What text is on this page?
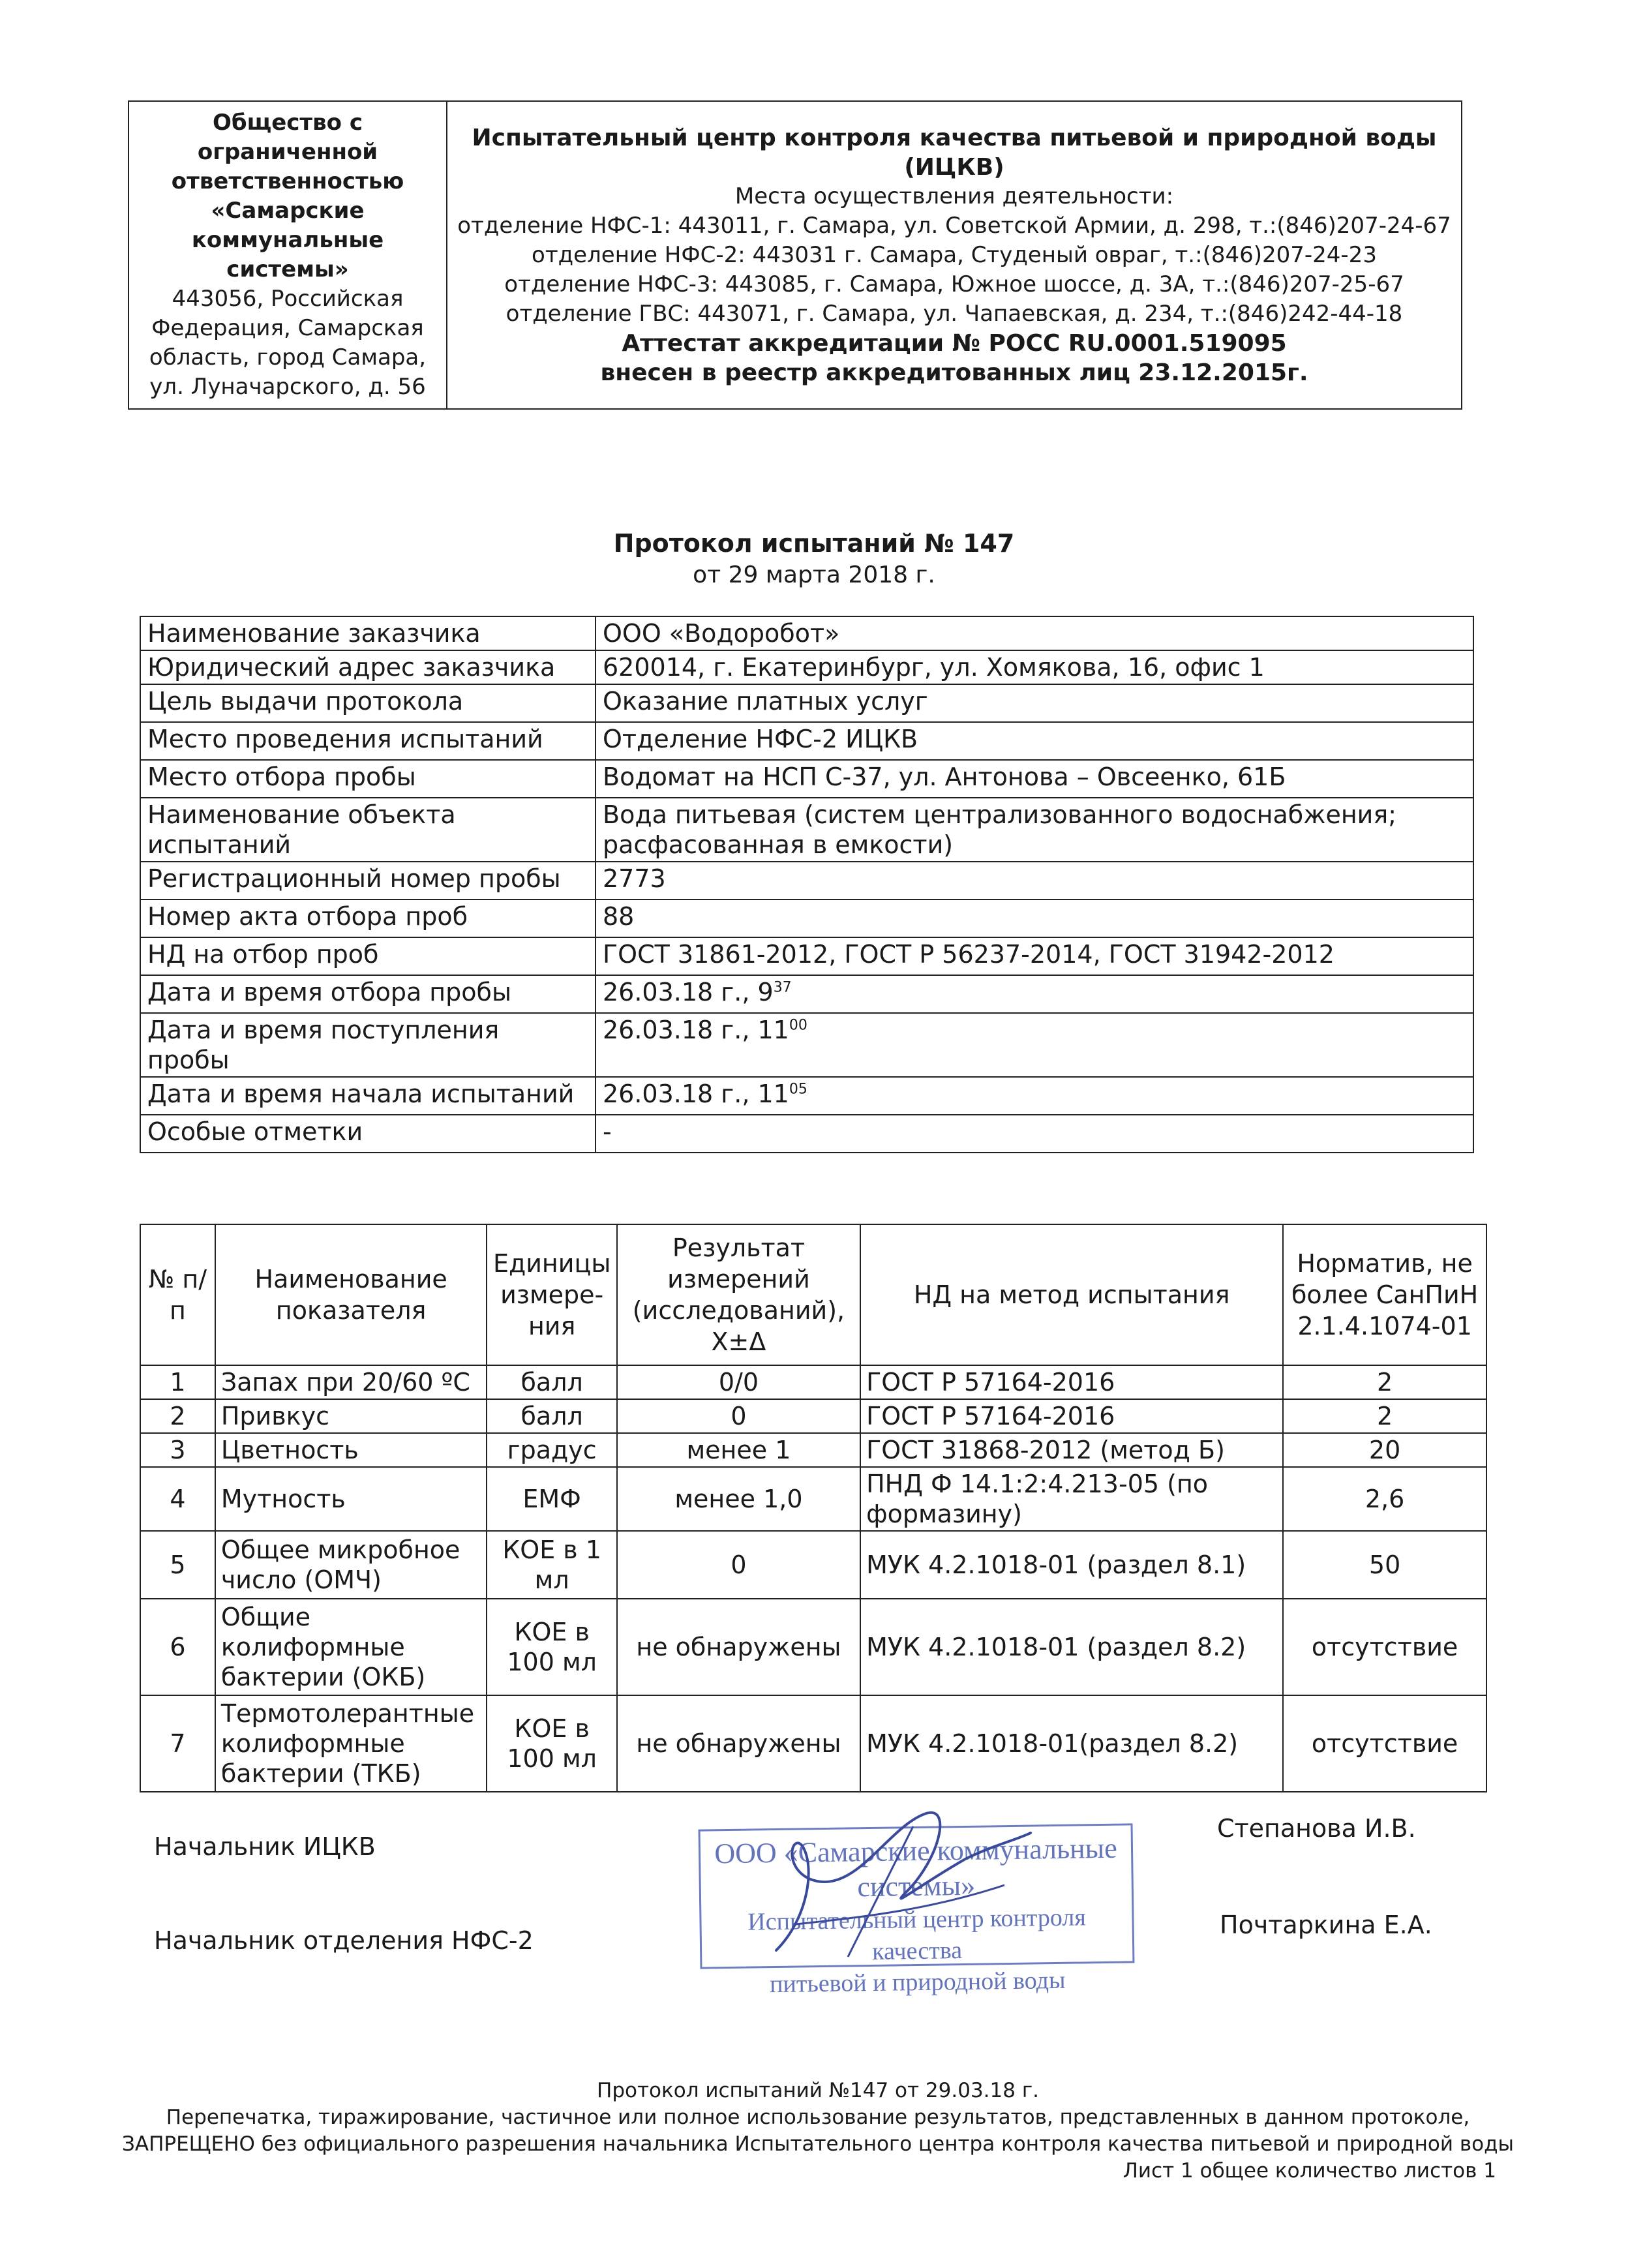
Общество с
ограниченной
ответственностью
«Самарские
коммунальные
системы»
443056, Российская
Федерация, Самарская
область, город Самара,
ул. Луначарского, д. 56

Испытательный центр контроля качества питьевой и природной воды
(ИЦКВ)
Места осуществления деятельности:
отделение НФС-1: 443011, г. Самара, ул. Советской Армии, д. 298, т.:(846)207-24-67
отделение НФС-2: 443031 г. Самара, Студеный овраг, т.:(846)207-24-23
отделение НФС-3: 443085, г. Самара, Южное шоссе, д. 3А, т.:(846)207-25-67
отделение ГВС: 443071, г. Самара, ул. Чапаевская, д. 234, т.:(846)242-44-18
Аттестат аккредитации № РОСС RU.0001.519095
внесен в реестр аккредитованных лиц 23.12.2015г.
Протокол испытаний № 147
от 29 марта 2018 г.
Наименование заказчика	ООО «Водоробот»
Юридический адрес заказчика	620014, г. Екатеринбург, ул. Хомякова, 16, офис 1
Цель выдачи протокола	Оказание платных услуг
Место проведения испытаний	Отделение НФС-2 ИЦКВ
Место отбора пробы	Водомат на НСП С-37, ул. Антонова – Овсеенко, 61Б
Наименование объекта испытаний	Вода питьевая (систем централизованного водоснабжения; расфасованная в емкости)
Регистрационный номер пробы	2773
Номер акта отбора проб	88
НД на отбор проб	ГОСТ 31861-2012, ГОСТ Р 56237-2014, ГОСТ 31942-2012
Дата и время отбора пробы	26.03.18 г., $9^{37}$
Дата и время поступления пробы	26.03.18 г., $11^{00}$
Дата и время начала испытаний	26.03.18 г., $11^{05}$
Особые отметки	-
№ п/п	Наименование показателя	Единицы измере-ния	Результат измерений (исследований), X±Δ	НД на метод испытания	Норматив, не более СанПиН 2.1.4.1074-01
1	Запах при 20/60 ºС	балл	0/0	ГОСТ Р 57164-2016	2
2	Привкус	балл	0	ГОСТ Р 57164-2016	2
3	Цветность	градус	менее 1	ГОСТ 31868-2012 (метод Б)	20
4	Мутность	ЕМФ	менее 1,0	ПНД Ф 14.1:2:4.213-05 (по формазину)	2,6
5	Общее микробное число (ОМЧ)	КОЕ в 1 мл	0	МУК 4.2.1018-01 (раздел 8.1)	50
6	Общие колиформные бактерии (ОКБ)	КОЕ в 100 мл	не обнаружены	МУК 4.2.1018-01 (раздел 8.2)	отсутствие
7	Термотолерантные колиформные бактерии (ТКБ)	КОЕ в 100 мл	не обнаружены	МУК 4.2.1018-01(раздел 8.2)	отсутствие
Начальник ИЦКВ
Степанова И.В.
Начальник отделения НФС-2
Почтаркина Е.А.
ООО «Самарские коммунальные системы»
Испытательный центр контроля качества
питьевой и природной воды
Протокол испытаний №147 от 29.03.18 г.
Перепечатка, тиражирование, частичное или полное использование результатов, представленных в данном протоколе,
ЗАПРЕЩЕНО без официального разрешения начальника Испытательного центра контроля качества питьевой и природной воды
Лист 1 общее количество листов 1
